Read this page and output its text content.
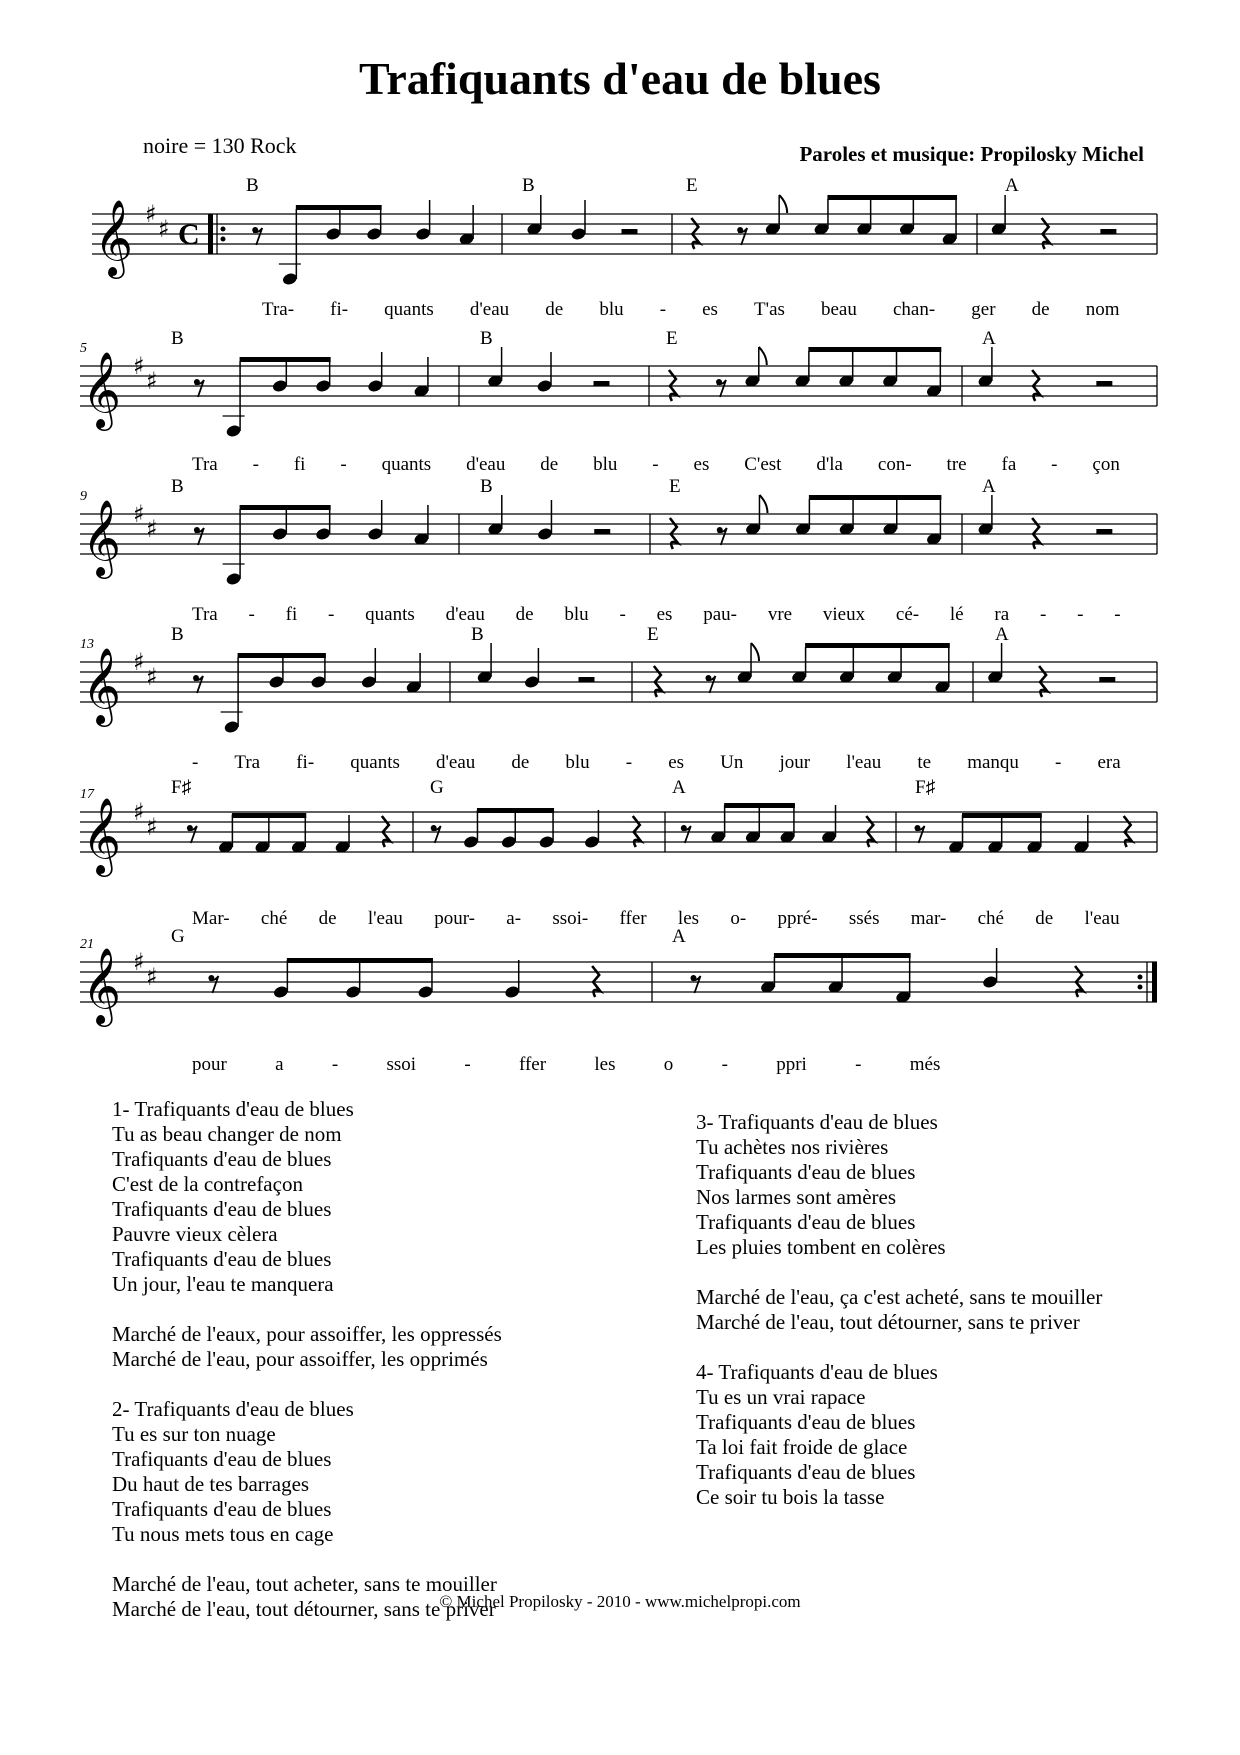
Trafiquants d'eau de blues
noire = 130 Rock	Paroles et musique: Propilosky Michel
𝄞 ♯
♯ C
B	B	E	A
Tra- fi- quants d'eau de blu - es T'as beau chan- ger de nom
𝄞 ♯
♯
5	B	B	E	A
Tra - fi - quants d'eau de blu - es C'est d'la con- tre fa - çon
𝄞 ♯
♯
9	B	B	E	A
Tra - fi - quants d'eau de blu - es pau- vre vieux cé- lé ra - - -
𝄞 ♯
♯
13	B	B	E	A
- Tra fi- quants d'eau de blu - es Un jour l'eau te manqu - era
𝄞 ♯
♯
17	F♯	G	A	F♯
Mar- ché de l'eau pour- a- ssoi- ffer les o- ppré- ssés mar- ché de l'eau
𝄞 ♯
♯
21	G	A
pour	a	-	ssoi	-	ffer	les	o	-	ppri	-	més
1- Trafiquants d'eau de blues
Tu as beau changer de nom
Trafiquants d'eau de blues
C'est de la contrefaçon
Trafiquants d'eau de blues
Pauvre vieux cèlera
Trafiquants d'eau de blues
Un jour, l'eau te manquera
Marché de l'eaux, pour assoiffer, les oppressés
Marché de l'eau, pour assoiffer, les opprimés
2- Trafiquants d'eau de blues
Tu es sur ton nuage
Trafiquants d'eau de blues
Du haut de tes barrages
Trafiquants d'eau de blues
Tu nous mets tous en cage
Marché de l'eau, tout acheter, sans te mouiller
Marché de l'eau, tout détourner, sans te priver
3- Trafiquants d'eau de blues
Tu achètes nos rivières
Trafiquants d'eau de blues
Nos larmes sont amères
Trafiquants d'eau de blues
Les pluies tombent en colères
Marché de l'eau, ça c'est acheté, sans te mouiller
Marché de l'eau, tout détourner, sans te priver
4- Trafiquants d'eau de blues
Tu es un vrai rapace
Trafiquants d'eau de blues
Ta loi fait froide de glace
Trafiquants d'eau de blues
Ce soir tu bois la tasse
© Michel Propilosky - 2010 - www.michelpropi.com
